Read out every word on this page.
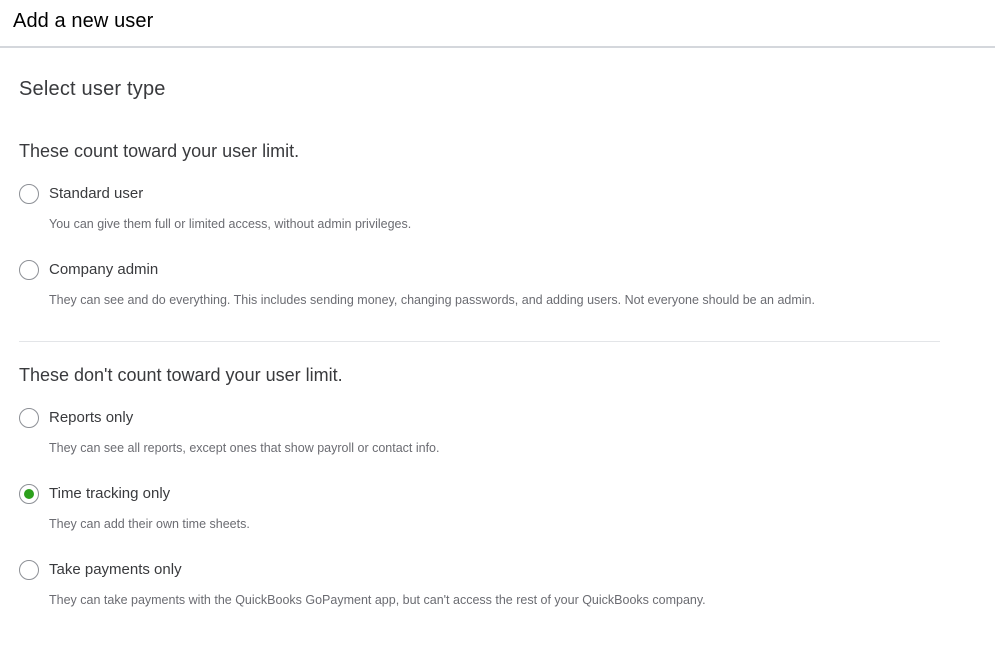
Add a new user
Select user type
These count toward your user limit.
Standard user
You can give them full or limited access, without admin privileges.
Company admin
They can see and do everything. This includes sending money, changing passwords, and adding users. Not everyone should be an admin.
These don't count toward your user limit.
Reports only
They can see all reports, except ones that show payroll or contact info.
Time tracking only
They can add their own time sheets.
Take payments only
They can take payments with the QuickBooks GoPayment app, but can't access the rest of your QuickBooks company.
